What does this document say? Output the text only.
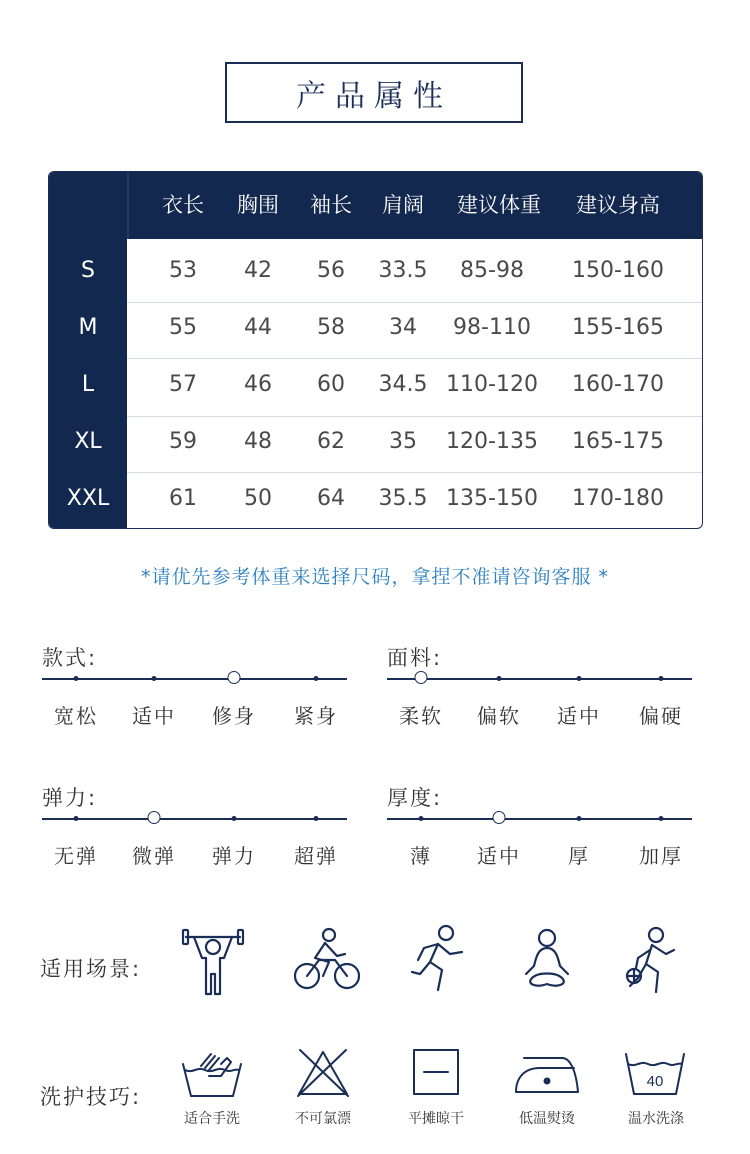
产品属性
衣长 胸围 袖长 肩阔 建议体重 建议身高
S	53 42 56 33.5 85-98 150-160
M	55 44 58 34 98-110 155-165
L	57 46 60 34.5 110-120 160-170
XL	59 48 62 35 120-135 165-175
XXL	61 50 64 35.5 135-150 170-180
*请优先参考体重来选择尺码，拿捏不准请咨询客服 *
款式:
宽松 适中 修身 紧身
面料:
柔软 偏软 适中 偏硬
弹力:
无弹 微弹 弹力 超弹
厚度:
薄 适中 厚 加厚
适用场景:
洗护技巧:
适合手洗	不可氯漂	平摊晾干	低温熨烫
40
温水洗涤
